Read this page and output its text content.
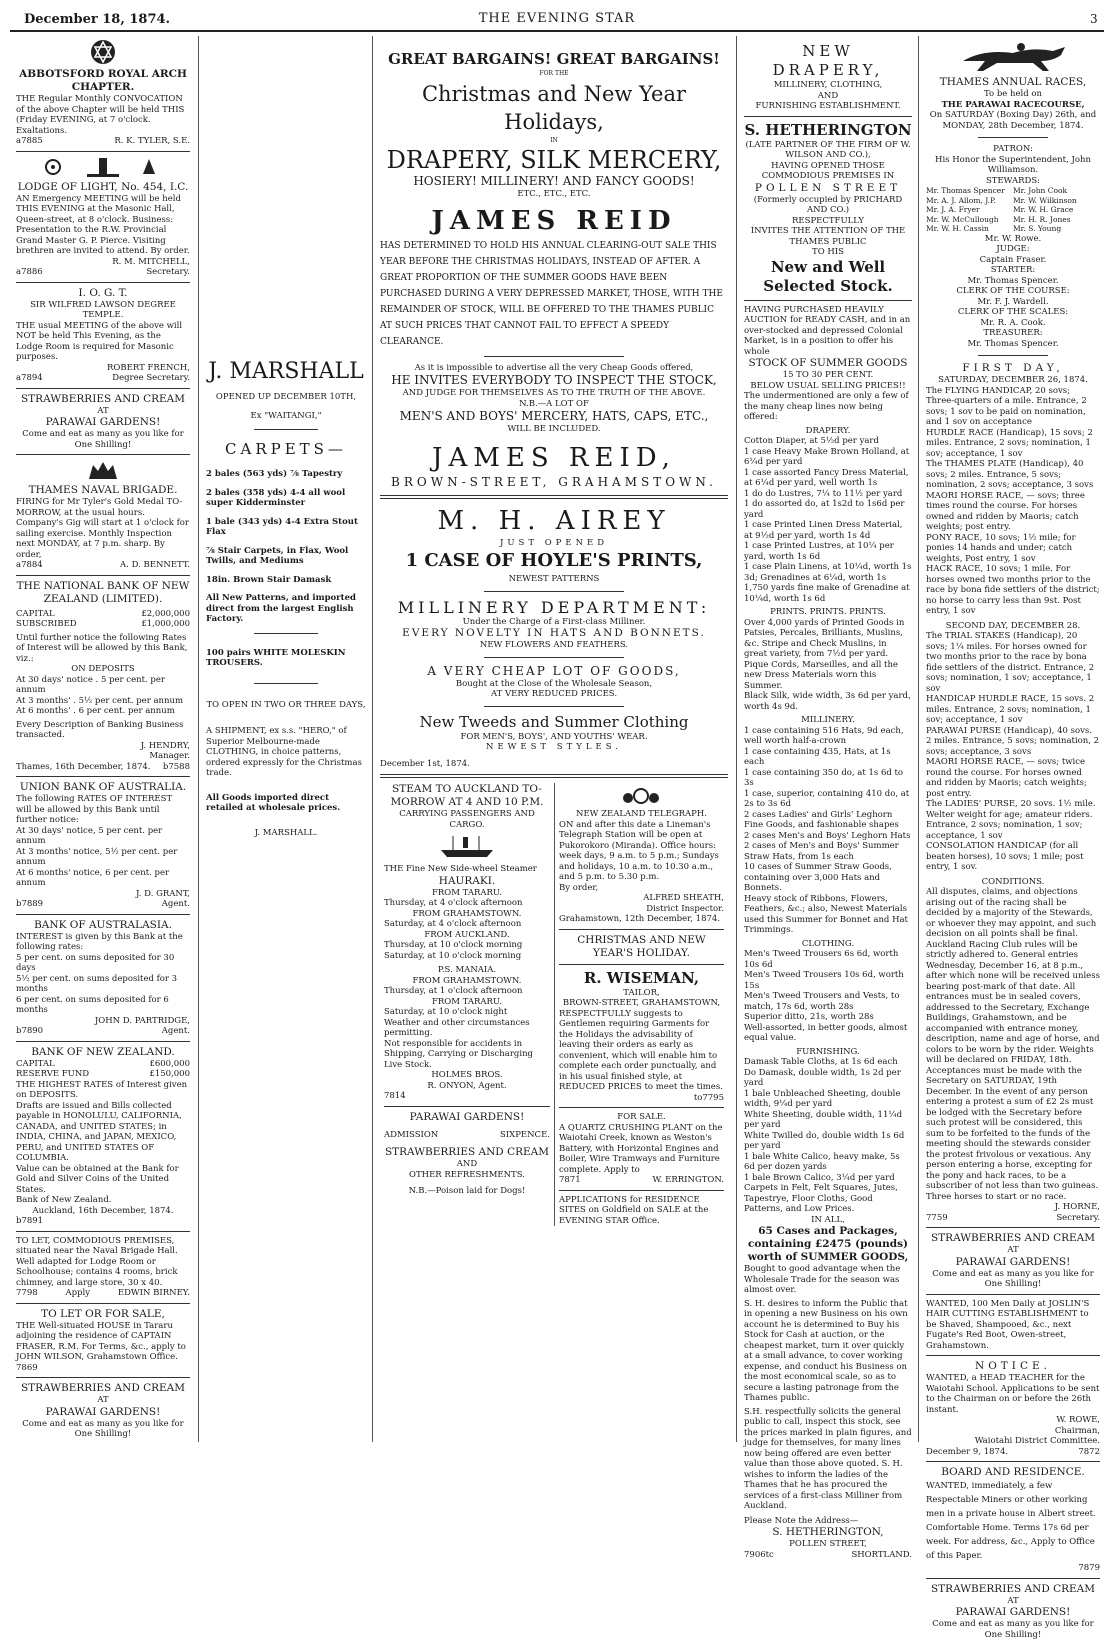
December 18, 1874.	THE EVENING STAR	3

ABBOTSFORD ROYAL ARCH CHAPTER.

THE Regular Monthly CONVOCATION of the above Chapter will be held THIS (Friday EVENING, at 7 o'clock. Exaltations.

a7885	R. K. TYLER, S.E.

LODGE OF LIGHT, No. 454, I.C.

AN Emergency MEETING will be held THIS EVENING at the Masonic Hall, Queen-street, at 8 o'clock. Business: Presentation to the R.W. Provincial Grand Master G. P. Pierce. Visiting brethren are invited to attend. By order.

R. M. MITCHELL,

a7886	Secretary.

I. O. G. T.

SIR WILFRED LAWSON DEGREE TEMPLE.

THE usual MEETING of the above will NOT be held This Evening, as the Lodge Room is required for Masonic purposes.

ROBERT FRENCH,

a7894	Degree Secretary.

STRAWBERRIES AND CREAM

AT

PARAWAI GARDENS!

Come and eat as many as you like for One Shilling!

THAMES NAVAL BRIGADE.

FIRING for Mr Tyler's Gold Medal TO-MORROW, at the usual hours. Company's Gig will start at 1 o'clock for sailing exercise. Monthly Inspection next MONDAY, at 7 p.m. sharp. By order,

a7884	A. D. BENNETT.

THE NATIONAL BANK OF NEW ZEALAND (LIMITED).

CAPITAL	£2,000,000
SUBSCRIBED	£1,000,000

Until further notice the following Rates of Interest will be allowed by this Bank, viz.:

ON DEPOSITS

At 30 days' notice . 5 per cent. per annum

At 3 months' . 5½ per cent. per annum

At 6 months' . 6 per cent. per annum

Every Description of Banking Business transacted.

J. HENDRY,

Manager.

Thames, 16th December, 1874. b7588

UNION BANK OF AUSTRALIA.

The following RATES OF INTEREST will be allowed by this Bank until further notice:

At 30 days' notice, 5 per cent. per annum

At 3 months' notice, 5½ per cent. per annum

At 6 months' notice, 6 per cent. per annum

J. D. GRANT,

b7889	Agent.

BANK OF AUSTRALASIA.

INTEREST is given by this Bank at the following rates:

5 per cent. on sums deposited for 30 days

5½ per cent. on sums deposited for 3 months

6 per cent. on sums deposited for 6 months

JOHN D. PARTRIDGE,

b7890	Agent.

BANK OF NEW ZEALAND.

CAPITAL	£600,000
RESERVE FUND	£150,000

THE HIGHEST RATES of Interest given on DEPOSITS.

Drafts are issued and Bills collected payable in HONOLULU, CALIFORNIA, CANADA, and UNITED STATES; in INDIA, CHINA, and JAPAN, MEXICO, PERU, and UNITED STATES OF COLUMBIA.

Value can be obtained at the Bank for Gold and Silver Coins of the United States.

Bank of New Zealand.

Auckland, 16th December, 1874.

b7891

TO LET, COMMODIOUS PREMISES, situated near the Naval Brigade Hall. Well adapted for Lodge Room or Schoolhouse; contains 4 rooms, brick chimney, and large store, 30 x 40.

7798	Apply	EDWIN BIRNEY.

TO LET OR FOR SALE,

THE Well-situated HOUSE in Tararu adjoining the residence of CAPTAIN FRASER, R.M. For Terms, &c., apply to JOHN WILSON, Grahamstown Office.

7869

STRAWBERRIES AND CREAM

AT

PARAWAI GARDENS!

Come and eat as many as you like for One Shilling!

J. MARSHALL

OPENED UP DECEMBER 10TH,

Ex "WAITANGI,"

CARPETS—

2 bales (563 yds) ⅞ Tapestry

2 bales (358 yds) 4-4 all wool super Kidderminster

1 bale (343 yds) 4-4 Extra Stout Flax

⅞ Stair Carpets, in Flax, Wool Twills, and Mediums

18in. Brown Stair Damask

All New Patterns, and imported direct from the largest English Factory.

100 pairs WHITE MOLESKIN TROUSERS.

TO OPEN IN TWO OR THREE DAYS,

A SHIPMENT, ex s.s. "HERO," of Superior Melbourne-made CLOTHING, in choice patterns, ordered expressly for the Christmas trade.

All Goods imported direct retailed at wholesale prices.

J. MARSHALL.

GREAT BARGAINS! GREAT BARGAINS!

FOR THE

Christmas and New Year Holidays,

IN

DRAPERY, SILK MERCERY,

HOSIERY! MILLINERY! AND FANCY GOODS!

ETC., ETC., ETC.

JAMES REID

HAS DETERMINED TO HOLD HIS ANNUAL CLEARING-OUT SALE THIS YEAR BEFORE THE CHRISTMAS HOLIDAYS, INSTEAD OF AFTER. A GREAT PROPORTION OF THE SUMMER GOODS HAVE BEEN PURCHASED DURING A VERY DEPRESSED MARKET, THOSE, WITH THE REMAINDER OF STOCK, WILL BE OFFERED TO THE THAMES PUBLIC AT SUCH PRICES THAT CANNOT FAIL TO EFFECT A SPEEDY CLEARANCE.

As it is impossible to advertise all the very Cheap Goods offered,

HE INVITES EVERYBODY TO INSPECT THE STOCK,

AND JUDGE FOR THEMSELVES AS TO THE TRUTH OF THE ABOVE.

N.B.—A LOT OF

MEN'S AND BOYS' MERCERY, HATS, CAPS, ETC.,

WILL BE INCLUDED.

JAMES REID,

BROWN-STREET, GRAHAMSTOWN.

M. H. AIREY

JUST OPENED

1 CASE OF HOYLE'S PRINTS,

NEWEST PATTERNS

MILLINERY DEPARTMENT:

Under the Charge of a First-class Milliner.

EVERY NOVELTY IN HATS AND BONNETS.

NEW FLOWERS AND FEATHERS.

A VERY CHEAP LOT OF GOODS,

Bought at the Close of the Wholesale Season,

AT VERY REDUCED PRICES.

New Tweeds and Summer Clothing

FOR MEN'S, BOYS', AND YOUTHS' WEAR.

NEWEST STYLES.

December 1st, 1874.

STEAM TO AUCKLAND TO-MORROW AT 4 AND 10 P.M.

CARRYING PASSENGERS AND CARGO.

THE Fine New Side-wheel Steamer

HAURAKI.

FROM TARARU.

Thursday, at 4 o'clock afternoon

FROM GRAHAMSTOWN.

Saturday, at 4 o'clock afternoon

FROM AUCKLAND.

Thursday, at 10 o'clock morning

Saturday, at 10 o'clock morning

P.S. MANAIA.

FROM GRAHAMSTOWN.

Thursday, at 1 o'clock afternoon

FROM TARARU.

Saturday, at 10 o'clock night

Weather and other circumstances permitting.

Not responsible for accidents in Shipping, Carrying or Discharging Live Stock.

HOLMES BROS.

R. ONYON, Agent.

7814

PARAWAI GARDENS!

ADMISSION	SIXPENCE.

STRAWBERRIES AND CREAM

AND

OTHER REFRESHMENTS.

N.B.—Poison laid for Dogs!

NEW ZEALAND TELEGRAPH.

ON and after this date a Lineman's Telegraph Station will be open at Pukorokoro (Miranda). Office hours: week days, 9 a.m. to 5 p.m.; Sundays and holidays, 10 a.m. to 10.30 a.m., and 5 p.m. to 5.30 p.m.

By order,

ALFRED SHEATH,

District Inspector.

Grahamstown, 12th December, 1874.

CHRISTMAS AND NEW YEAR'S HOLIDAY.

R. WISEMAN,

TAILOR,

BROWN-STREET, GRAHAMSTOWN,

RESPECTFULLY suggests to Gentlemen requiring Garments for the Holidays the advisability of leaving their orders as early as convenient, which will enable him to complete each order punctually, and in his usual finished style, at REDUCED PRICES to meet the times.

to7795

FOR SALE.

A QUARTZ CRUSHING PLANT on the Waiotahi Creek, known as Weston's Battery, with Horizontal Engines and Boiler, Wire Tramways and Furniture complete. Apply to

7871	W. ERRINGTON.

APPLICATIONS for RESIDENCE SITES on Goldfield on SALE at the EVENING STAR Office.

NEW DRAPERY,

MILLINERY, CLOTHING,

AND

FURNISHING ESTABLISHMENT.

S. HETHERINGTON

(LATE PARTNER OF THE FIRM OF W. WILSON AND CO.),

HAVING OPENED THOSE COMMODIOUS PREMISES IN

POLLEN STREET

(Formerly occupied by PRICHARD AND CO.)

RESPECTFULLY

INVITES THE ATTENTION OF THE THAMES PUBLIC

TO HIS

New and Well Selected Stock.

HAVING PURCHASED HEAVILY AUCTION for READY CASH, and in an over-stocked and depressed Colonial Market, is in a position to offer his whole

STOCK OF SUMMER GOODS

15 TO 30 PER CENT.

BELOW USUAL SELLING PRICES!!

The undermentioned are only a few of the many cheap lines now being offered:

DRAPERY.

Cotton Diaper, at 5½d per yard

1 case Heavy Make Brown Holland, at 6¼d per yard

1 case assorted Fancy Dress Material, at 6¼d per yard, well worth 1s

1 do do Lustres, 7¼ to 11½ per yard

1 do assorted do, at 1s2d to 1s6d per yard

1 case Printed Linen Dress Material, at 9½d per yard, worth 1s 4d

1 case Printed Lustres, at 10¼ per yard, worth 1s 6d

1 case Plain Linens, at 10¼d, worth 1s 3d; Grenadines at 6¼d, worth 1s

1,750 yards fine make of Grenadine at 10¼d, worth 1s 6d

PRINTS. PRINTS. PRINTS.

Over 4,000 yards of Printed Goods in Patsies, Percales, Brilliants, Muslins, &c. Stripe and Check Muslins, in great variety, from 7½d per yard.

Pique Cords, Marseilles, and all the new Dress Materials worn this Summer.

Black Silk, wide width, 3s 6d per yard, worth 4s 9d.

MILLINERY.

1 case containing 516 Hats, 9d each, well worth half-a-crown

1 case containing 435, Hats, at 1s each

1 case containing 350 do, at 1s 6d to 3s

1 case, superior, containing 410 do, at 2s to 3s 6d

2 cases Ladies' and Girls' Leghorn Fine Goods, and fashionable shapes

2 cases Men's and Boys' Leghorn Hats

2 cases of Men's and Boys' Summer Straw Hats, from 1s each

10 cases of Summer Straw Goods, containing over 3,000 Hats and Bonnets.

Heavy stock of Ribbons, Flowers, Feathers, &c.; also, Newest Materials used this Summer for Bonnet and Hat Trimmings.

CLOTHING.

Men's Tweed Trousers 6s 6d, worth 10s 6d

Men's Tweed Trousers 10s 6d, worth 15s

Men's Tweed Trousers and Vests, to match, 17s 6d, worth 28s

Superior ditto, 21s, worth 28s

Well-assorted, in better goods, almost equal value.

FURNISHING.

Damask Table Cloths, at 1s 6d each

Do Damask, double width, 1s 2d per yard

1 bale Unbleached Sheeting, double width, 9¼d per yard

White Sheeting, double width, 11¼d per yard

White Twilled do, double width 1s 6d per yard

1 bale White Calico, heavy make, 5s 6d per dozen yards

1 bale Brown Calico, 3¼d per yard

Carpets in Felt, Felt Squares, Jutes, Tapestrye, Floor Cloths, Good Patterns, and Low Prices.

IN ALL,

65 Cases and Packages, containing £2475 (pounds) worth of SUMMER GOODS,

Bought to good advantage when the Wholesale Trade for the season was almost over.

S. H. desires to inform the Public that in opening a new Business on his own account he is determined to Buy his Stock for Cash at auction, or the cheapest market, turn it over quickly at a small advance, to cover working expense, and conduct his Business on the most economical scale, so as to secure a lasting patronage from the Thames public.

S.H. respectfully solicits the general public to call, inspect this stock, see the prices marked in plain figures, and judge for themselves, for many lines now being offered are even better value than those above quoted. S. H. wishes to inform the ladies of the Thames that he has procured the services of a first-class Milliner from Auckland.

Please Note the Address—

S. HETHERINGTON,

POLLEN STREET,

7906tc	SHORTLAND.

THAMES ANNUAL RACES,

To be held on

THE PARAWAI RACECOURSE,

On SATURDAY (Boxing Day) 26th, and MONDAY, 28th December, 1874.

PATRON:

His Honor the Superintendent, John Williamson.

STEWARDS:

Mr. Thomas Spencer	Mr. John Cook
Mr. A. J. Allom, J.P.	Mr. W. Wilkinson
Mr. J. A. Fryer	Mr. W. H. Grace
Mr. W. McCullough	Mr. H. R. Jones
Mr. W. H. Cassin	Mr. S. Young

Mr. W. Rowe.

JUDGE:

Captain Fraser.

STARTER:

Mr. Thomas Spencer.

CLERK OF THE COURSE:

Mr. F. J. Wardell.

CLERK OF THE SCALES:

Mr. R. A. Cook.

TREASURER:

Mr. Thomas Spencer.

FIRST DAY,

SATURDAY, DECEMBER 26, 1874.

The FLYING HANDICAP, 20 sovs; Three-quarters of a mile. Entrance, 2 sovs; 1 sov to be paid on nomination, and 1 sov on acceptance

HURDLE RACE (Handicap), 15 sovs; 2 miles. Entrance, 2 sovs; nomination, 1 sov; acceptance, 1 sov

The THAMES PLATE (Handicap), 40 sovs; 2 miles. Entrance, 5 sovs; nomination, 2 sovs; acceptance, 3 sovs

MAORI HORSE RACE, — sovs; three times round the course. For horses owned and ridden by Maoris; catch weights; post entry.

PONY RACE, 10 sovs; 1½ mile; for ponies 14 hands and under; catch weights, Post entry, 1 sov

HACK RACE, 10 sovs; 1 mile. For horses owned two months prior to the race by bona fide settlers of the district; no horse to carry less than 9st. Post entry, 1 sov

SECOND DAY, DECEMBER 28.

The TRIAL STAKES (Handicap), 20 sovs; 1¼ miles. For horses owned for two months prior to the race by bona fide settlers of the district. Entrance, 2 sovs; nomination, 1 sov; acceptance, 1 sov

HANDICAP HURDLE RACE, 15 sovs. 2 miles. Entrance, 2 sovs; nomination, 1 sov; acceptance, 1 sov

PARAWAI PURSE (Handicap), 40 sovs. 2 miles. Entrance, 5 sovs; nomination, 2 sovs; acceptance, 3 sovs

MAORI HORSE RACE, — sovs; twice round the course. For horses owned and ridden by Maoris; catch weights; post entry.

The LADIES' PURSE, 20 sovs. 1½ mile. Welter weight for age; amateur riders. Entrance, 2 sovs; nomination, 1 sov; acceptance, 1 sov

CONSOLATION HANDICAP (for all beaten horses), 10 sovs; 1 mile; post entry, 1 sov.

CONDITIONS.

All disputes, claims, and objections arising out of the racing shall be decided by a majority of the Stewards, or whoever they may appoint, and such decision on all points shall be final. Auckland Racing Club rules will be strictly adhered to. General entries Wednesday, December 16, at 8 p.m., after which none will be received unless bearing post-mark of that date. All entrances must be in sealed covers, addressed to the Secretary, Exchange Buildings, Grahamstown, and be accompanied with entrance money, description, name and age of horse, and colors to be worn by the rider. Weights will be declared on FRIDAY, 18th. Acceptances must be made with the Secretary on SATURDAY, 19th December. In the event of any person entering a protest a sum of £2 2s must be lodged with the Secretary before such protest will be considered, this sum to be forfeited to the funds of the meeting should the stewards consider the protest frivolous or vexatious. Any person entering a horse, excepting for the pony and hack races, to be a subscriber of not less than two guineas. Three horses to start or no race.

J. HORNE,

7759	Secretary.

STRAWBERRIES AND CREAM

AT

PARAWAI GARDENS!

Come and eat as many as you like for One Shilling!

WANTED, 100 Men Daily at JOSLIN'S HAIR CUTTING ESTABLISHMENT to be Shaved, Shampooed, &c., next Fugate's Red Boot, Owen-street, Grahamstown.

NOTICE.

WANTED, a HEAD TEACHER for the Waiotahi School. Applications to be sent to the Chairman on or before the 26th instant.

W. ROWE,

Chairman,

Waiotahi District Committee.

December 9, 1874.	7872

BOARD AND RESIDENCE.

WANTED, immediately, a few Respectable Miners or other working men in a private house in Albert street. Comfortable Home. Terms 17s 6d per week. For address, &c., Apply to Office of this Paper.

7879

STRAWBERRIES AND CREAM

AT

PARAWAI GARDENS!

Come and eat as many as you like for One Shilling!
